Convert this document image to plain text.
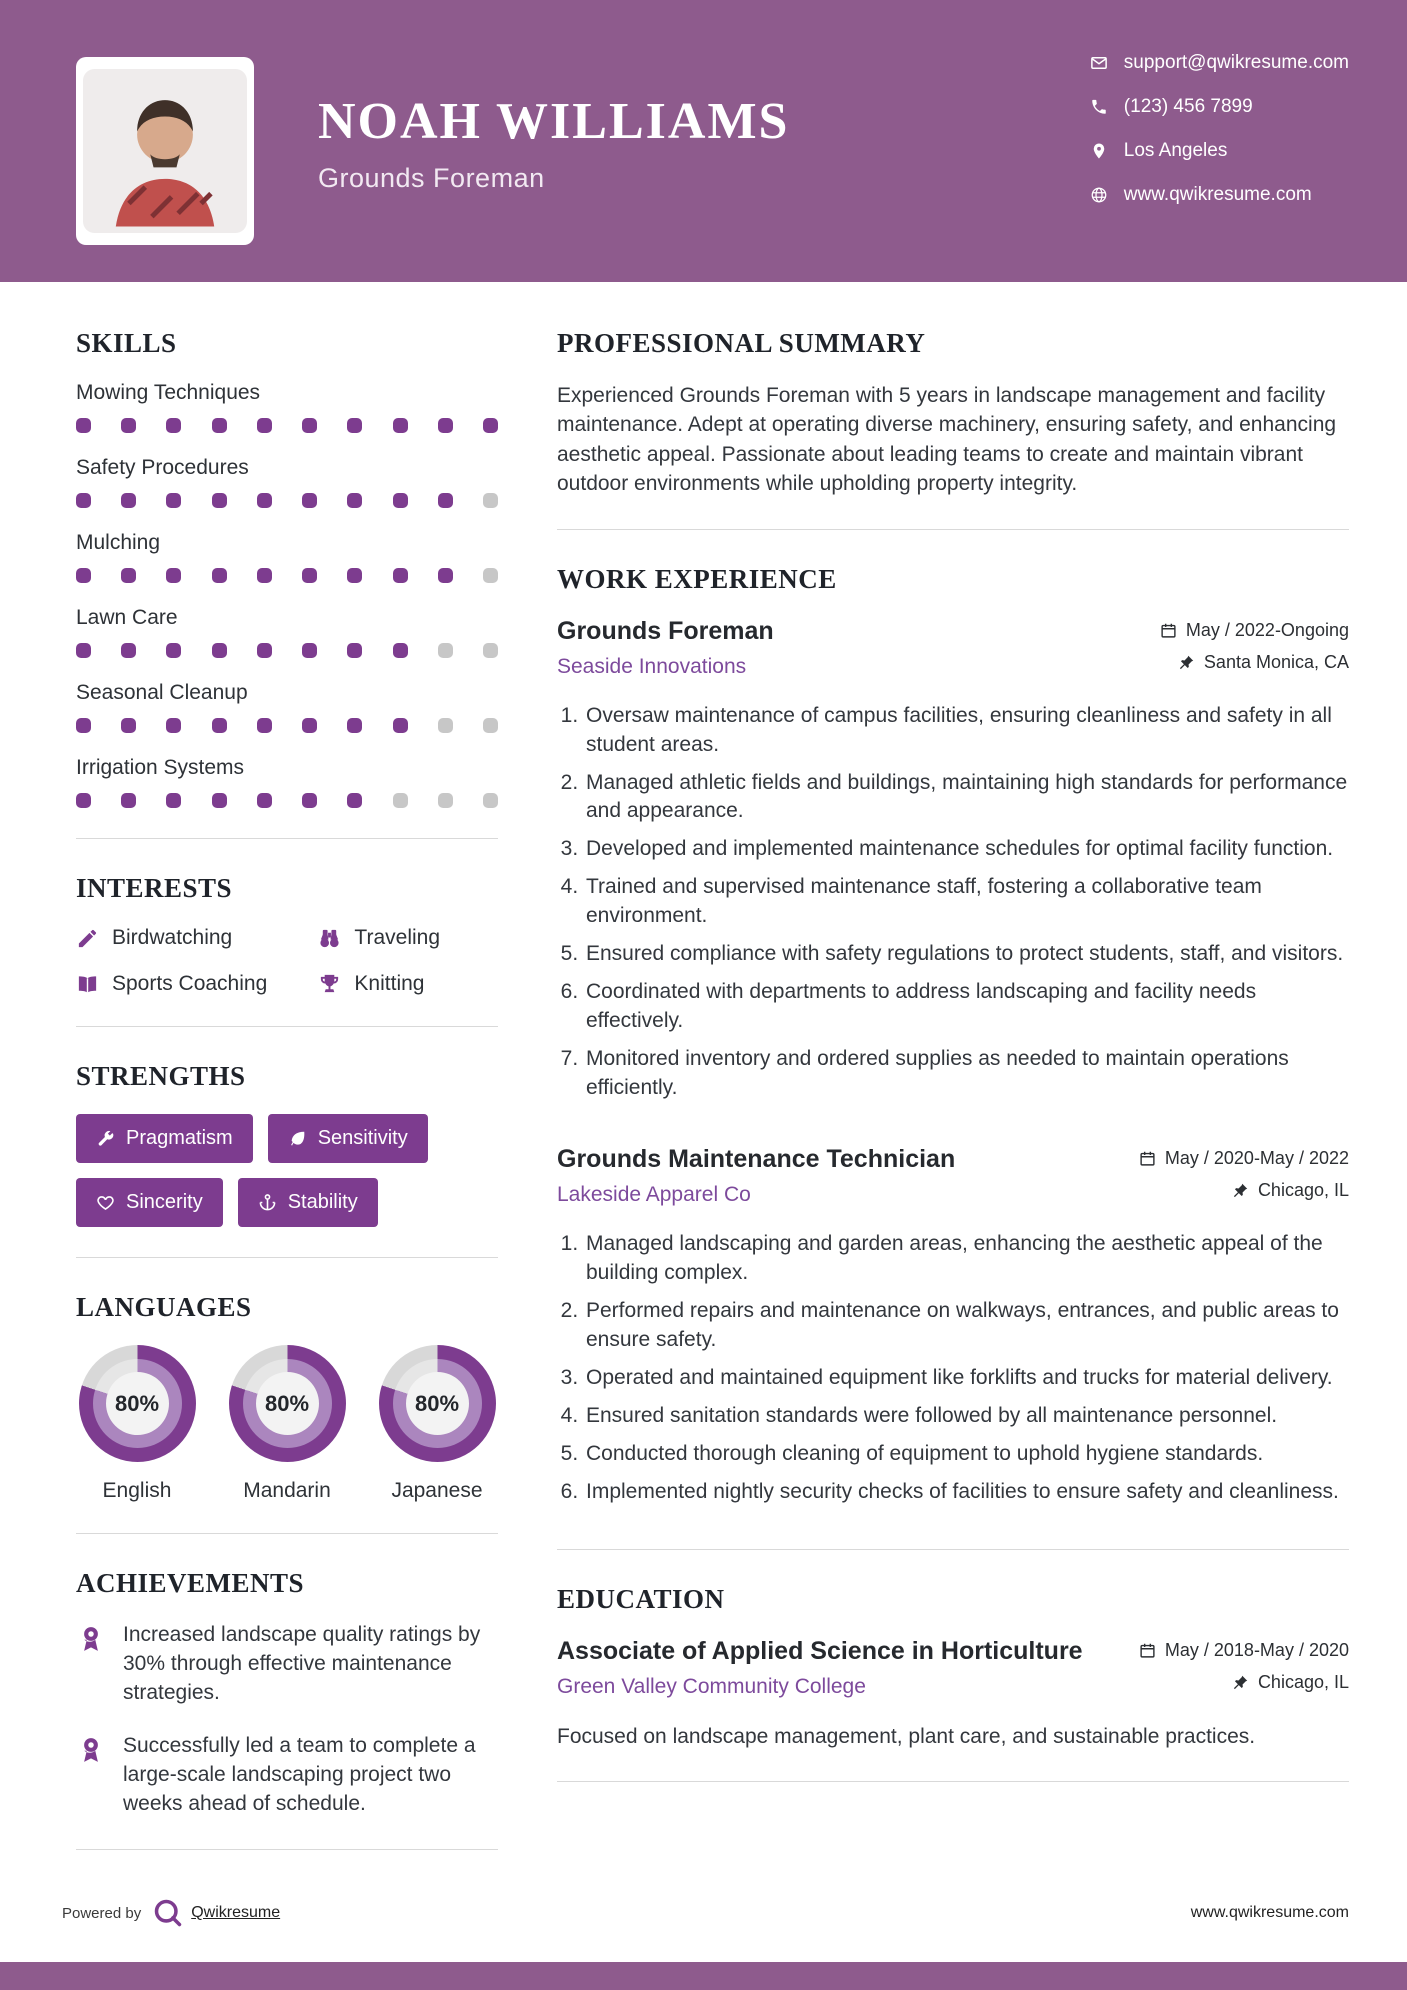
NOAH WILLIAMS
Grounds Foreman
support@qwikresume.com
(123) 456 7899
Los Angeles
www.qwikresume.com
SKILLS
Mowing Techniques
Safety Procedures
Mulching
Lawn Care
Seasonal Cleanup
Irrigation Systems
INTERESTS
Birdwatching	Traveling
Sports Coaching	Knitting
STRENGTHS
Pragmatism	Sensitivity
Sincerity	Stability
LANGUAGES
80%
English
80%
Mandarin
80%
Japanese
ACHIEVEMENTS
Increased landscape quality ratings by 30% through effective maintenance strategies.
Successfully led a team to complete a large-scale landscaping project two weeks ahead of schedule.
PROFESSIONAL SUMMARY

Experienced Grounds Foreman with 5 years in landscape management and facility maintenance. Adept at operating diverse machinery, ensuring safety, and enhancing aesthetic appeal. Passionate about leading teams to create and maintain vibrant outdoor environments while upholding property integrity.

WORK EXPERIENCE
Grounds Foreman
Seaside Innovations
May / 2022-Ongoing
Santa Monica, CA
1. Oversaw maintenance of campus facilities, ensuring cleanliness and safety in all student areas.
2. Managed athletic fields and buildings, maintaining high standards for performance and appearance.
3. Developed and implemented maintenance schedules for optimal facility function.
4. Trained and supervised maintenance staff, fostering a collaborative team environment.
5. Ensured compliance with safety regulations to protect students, staff, and visitors.
6. Coordinated with departments to address landscaping and facility needs effectively.
7. Monitored inventory and ordered supplies as needed to maintain operations efficiently.
Grounds Maintenance Technician
Lakeside Apparel Co
May / 2020-May / 2022
Chicago, IL
1. Managed landscaping and garden areas, enhancing the aesthetic appeal of the building complex.
2. Performed repairs and maintenance on walkways, entrances, and public areas to ensure safety.
3. Operated and maintained equipment like forklifts and trucks for material delivery.
4. Ensured sanitation standards were followed by all maintenance personnel.
5. Conducted thorough cleaning of equipment to uphold hygiene standards.
6. Implemented nightly security checks of facilities to ensure safety and cleanliness.
EDUCATION
Associate of Applied Science in Horticulture
Green Valley Community College
May / 2018-May / 2020
Chicago, IL

Focused on landscape management, plant care, and sustainable practices.

Powered by	Qwikresume	www.qwikresume.com
